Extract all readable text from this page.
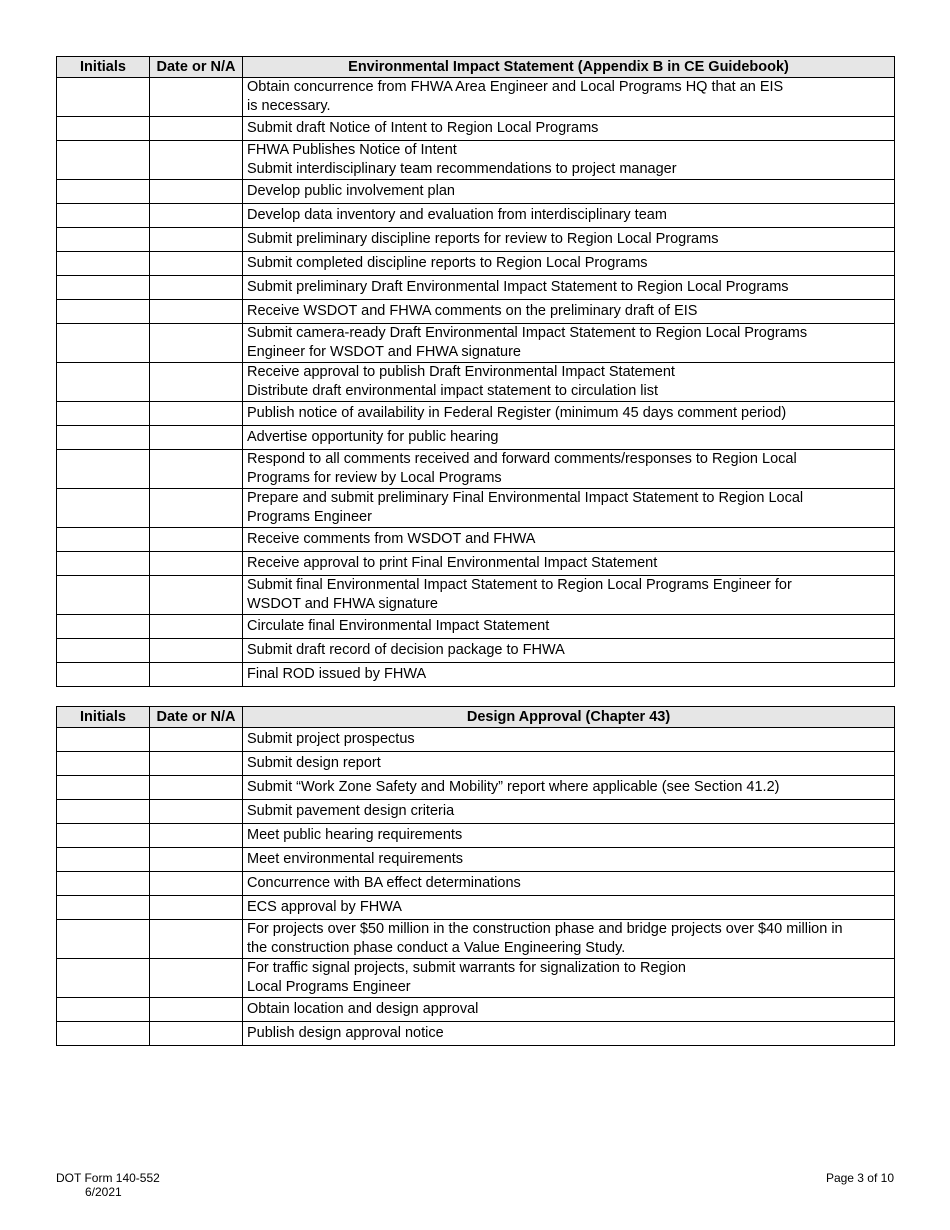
Initials	Date or N/A	Environmental Impact Statement (Appendix B in CE Guidebook)

		Obtain concurrence from FHWA Area Engineer and Local Programs HQ that an EIS
is necessary.

		Submit draft Notice of Intent to Region Local Programs

		FHWA Publishes Notice of Intent
Submit interdisciplinary team recommendations to project manager

		Develop public involvement plan

		Develop data inventory and evaluation from interdisciplinary team

		Submit preliminary discipline reports for review to Region Local Programs

		Submit completed discipline reports to Region Local Programs

		Submit preliminary Draft Environmental Impact Statement to Region Local Programs

		Receive WSDOT and FHWA comments on the preliminary draft of EIS

		Submit camera-ready Draft Environmental Impact Statement to Region Local Programs
Engineer for WSDOT and FHWA signature

		Receive approval to publish Draft Environmental Impact Statement
Distribute draft environmental impact statement to circulation list

		Publish notice of availability in Federal Register (minimum 45 days comment period)

		Advertise opportunity for public hearing

		Respond to all comments received and forward comments/responses to Region Local
Programs for review by Local Programs

		Prepare and submit preliminary Final Environmental Impact Statement to Region Local
Programs Engineer

		Receive comments from WSDOT and FHWA

		Receive approval to print Final Environmental Impact Statement

		Submit final Environmental Impact Statement to Region Local Programs Engineer for
WSDOT and FHWA signature

		Circulate final Environmental Impact Statement

		Submit draft record of decision package to FHWA

		Final ROD issued by FHWA
Initials	Date or N/A	Design Approval (Chapter 43)

		Submit project prospectus

		Submit design report

		Submit “Work Zone Safety and Mobility” report where applicable (see Section 41.2)

		Submit pavement design criteria

		Meet public hearing requirements

		Meet environmental requirements

		Concurrence with BA effect determinations

		ECS approval by FHWA

		For projects over $50 million in the construction phase and bridge projects over $40 million in
the construction phase conduct a Value Engineering Study.

		For traffic signal projects, submit warrants for signalization to Region
Local Programs Engineer

		Obtain location and design approval

		Publish design approval notice
DOT Form 140-552
6/2021
Page 3 of 10
